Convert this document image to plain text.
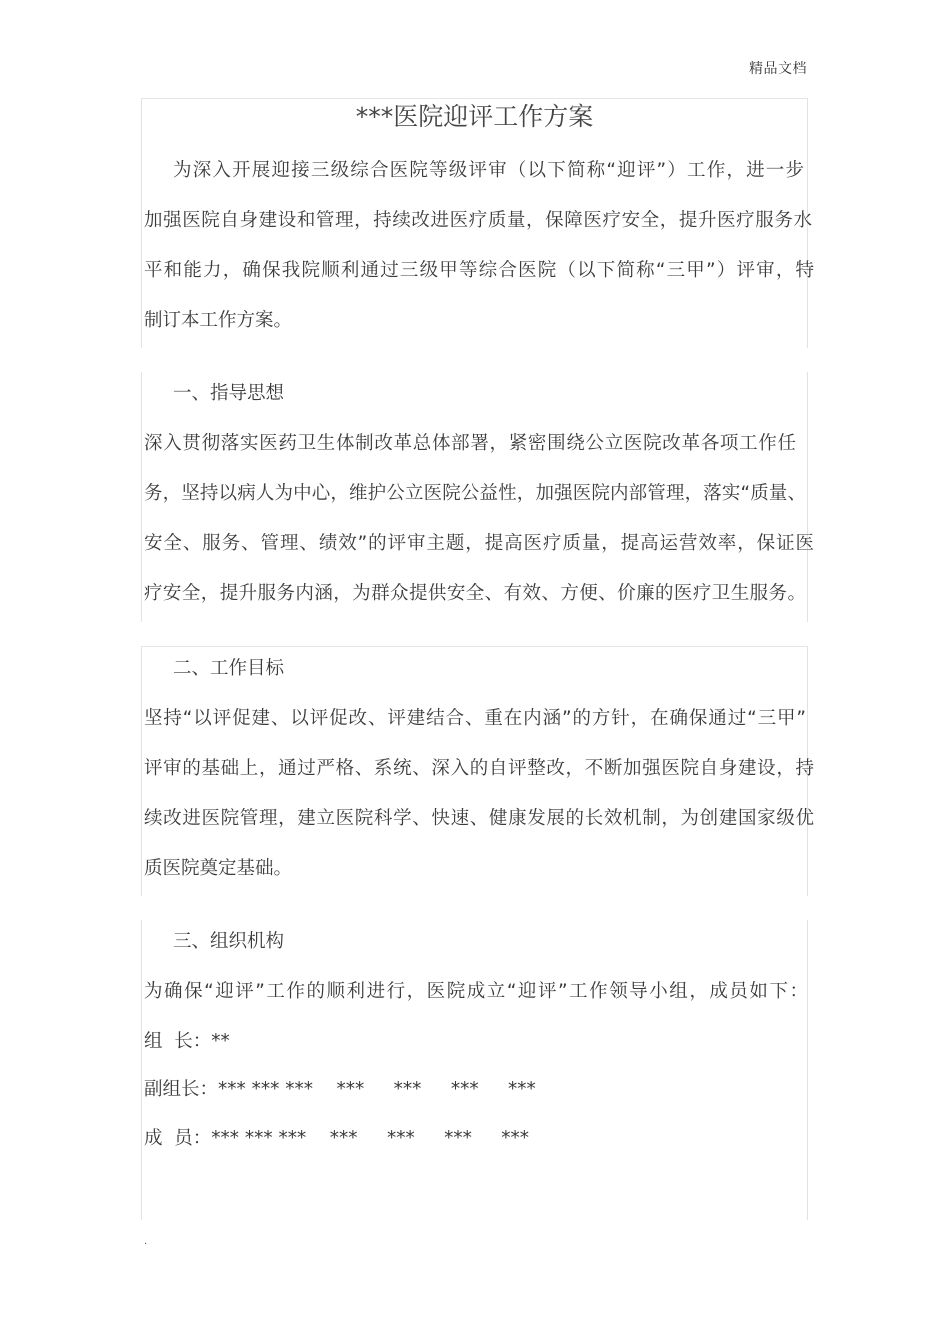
精品文档
***医院迎评工作方案
为深入开展迎接三级综合医院等级评审（以下简称“迎评”）工作，进一步
加强医院自身建设和管理，持续改进医疗质量，保障医疗安全，提升医疗服务水
平和能力，确保我院顺利通过三级甲等综合医院（以下简称“三甲”）评审，特
制订本工作方案。
一、指导思想
深入贯彻落实医药卫生体制改革总体部署，紧密围绕公立医院改革各项工作任
务，坚持以病人为中心，维护公立医院公益性，加强医院内部管理，落实“质量、
安全、服务、管理、绩效”的评审主题，提高医疗质量，提高运营效率，保证医
疗安全，提升服务内涵，为群众提供安全、有效、方便、价廉的医疗卫生服务。
二、工作目标
坚持“以评促建、以评促改、评建结合、重在内涵”的方针，在确保通过“三甲”
评审的基础上，通过严格、系统、深入的自评整改，不断加强医院自身建设，持
续改进医院管理，建立医院科学、快速、健康发展的长效机制，为创建国家级优
质医院奠定基础。
三、组织机构
为确保“迎评”工作的顺利进行，医院成立“迎评”工作领导小组，成员如下：
组  长：**
副组长：*** *** ***    ***     ***     ***     ***
成  员：*** *** ***    ***     ***     ***     ***
.
